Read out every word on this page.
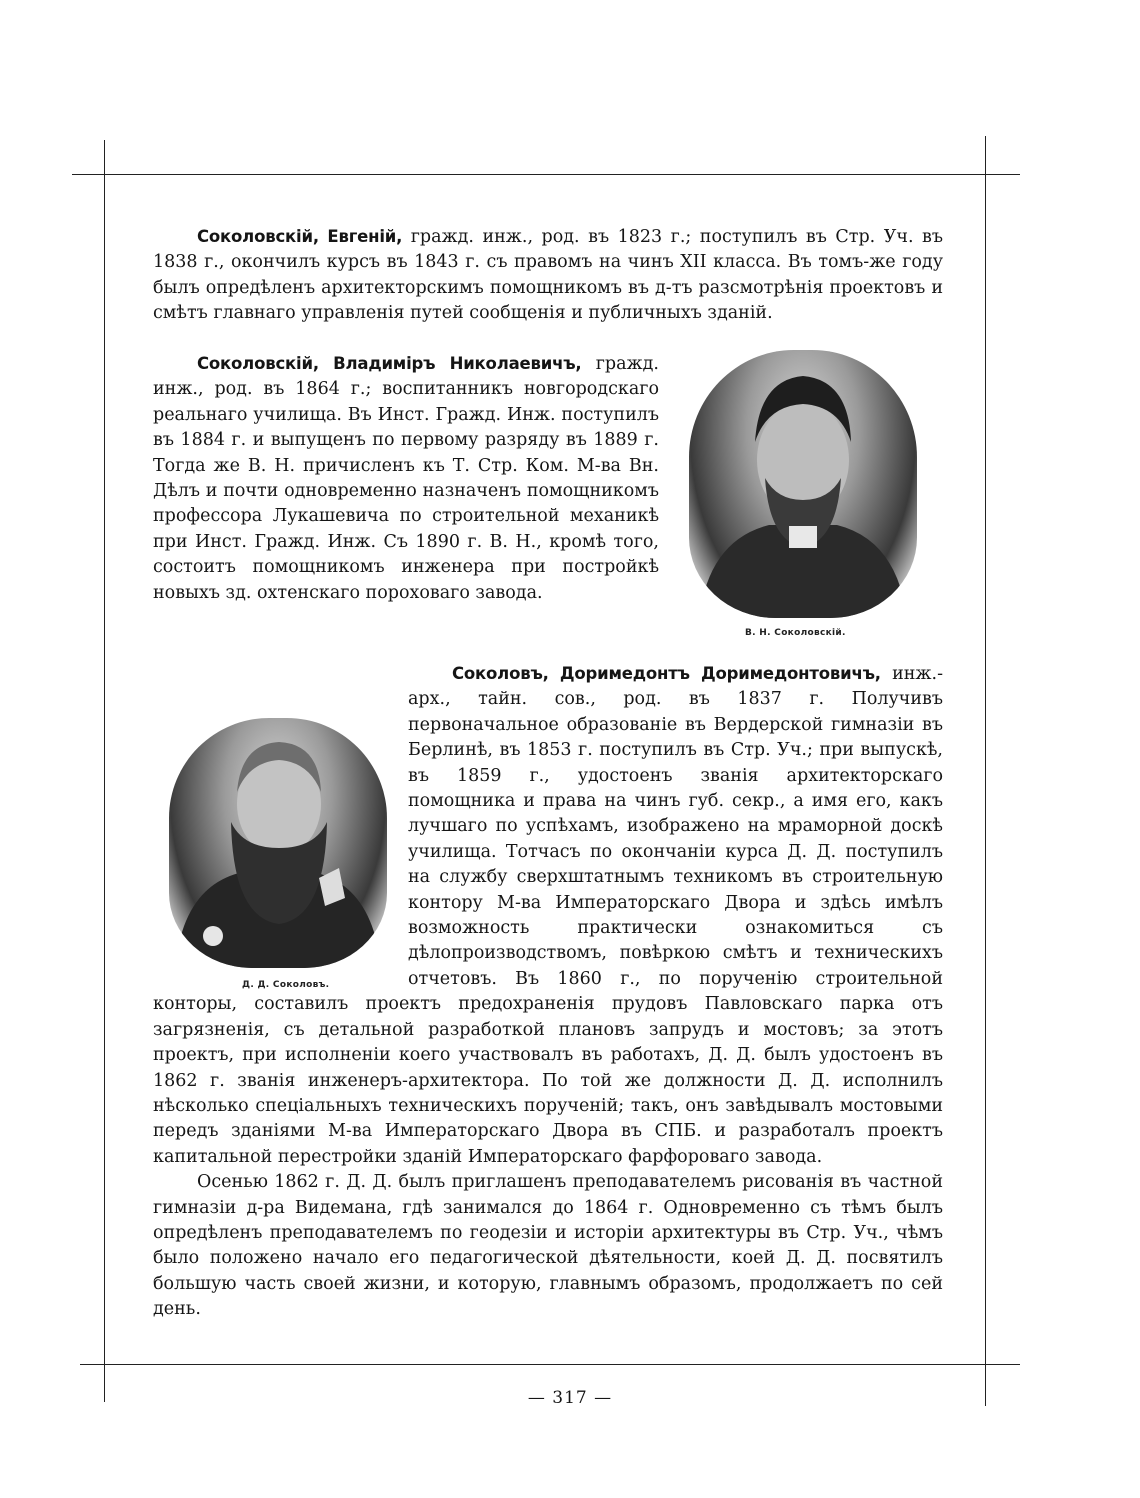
Соколовскій, Евгеній, гражд. инж., род. въ 1823 г.; поступилъ въ Стр. Уч. въ 1838 г., окончилъ курсъ въ 1843 г. съ правомъ на чинъ XII класса. Въ томъ-же году былъ опредѣленъ архитекторскимъ помощникомъ въ д-тъ разсмотрѣнія проектовъ и смѣтъ главнаго управленія путей сообщенія и публичныхъ зданій.

В. Н. Соколовскій.

Соколовскій, Владиміръ Николаевичъ, гражд. инж., род. въ 1864 г.; воспитанникъ новгородскаго реальнаго училища. Въ Инст. Гражд. Инж. поступилъ въ 1884 г. и выпущенъ по первому разряду въ 1889 г. Тогда же В. Н. причисленъ къ Т. Стр. Ком. М-ва Вн. Дѣлъ и почти одновременно назначенъ помощникомъ профессора Лукашевича по строительной механикѣ при Инст. Гражд. Инж. Съ 1890 г. В. Н., кромѣ того, состоитъ помощникомъ инженера при постройкѣ новыхъ зд. охтенскаго пороховаго завода.

Д. Д. Соколовъ.

Соколовъ, Доримедонтъ Доримедонтовичъ, инж.-арх., тайн. сов., род. въ 1837 г. Получивъ первоначальное образованіе въ Вердерской гимназіи въ Берлинѣ, въ 1853 г. поступилъ въ Стр. Уч.; при выпускѣ, въ 1859 г., удостоенъ званія архитекторскаго помощника и права на чинъ губ. секр., а имя его, какъ лучшаго по успѣхамъ, изображено на мраморной доскѣ училища. Тотчасъ по окончаніи курса Д. Д. поступилъ на службу сверхштатнымъ техникомъ въ строительную контору М-ва Императорскаго Двора и здѣсь имѣлъ возможность практически ознакомиться съ дѣлопроизводствомъ, повѣркою смѣтъ и техническихъ отчетовъ. Въ 1860 г., по порученію строительной конторы, составилъ проектъ предохраненія прудовъ Павловскаго парка отъ загрязненія, съ детальной разработкой плановъ запрудъ и мостовъ; за этотъ проектъ, при исполненіи коего участвовалъ въ работахъ, Д. Д. былъ удостоенъ въ 1862 г. званія инженеръ-архитектора. По той же должности Д. Д. исполнилъ нѣсколько спеціальныхъ техническихъ порученій; такъ, онъ завѣдывалъ мостовыми передъ зданіями М-ва Императорскаго Двора въ СПБ. и разработалъ проектъ капитальной перестройки зданій Императорскаго фарфороваго завода.

Осенью 1862 г. Д. Д. былъ приглашенъ преподавателемъ рисованія въ частной гимназіи д-ра Видемана, гдѣ занимался до 1864 г. Одновременно съ тѣмъ былъ опредѣленъ преподавателемъ по геодезіи и исторіи архитектуры въ Стр. Уч., чѣмъ было положено начало его педагогической дѣятельности, коей Д. Д. посвятилъ большую часть своей жизни, и которую, главнымъ образомъ, продолжаетъ по сей день.

— 317 —
